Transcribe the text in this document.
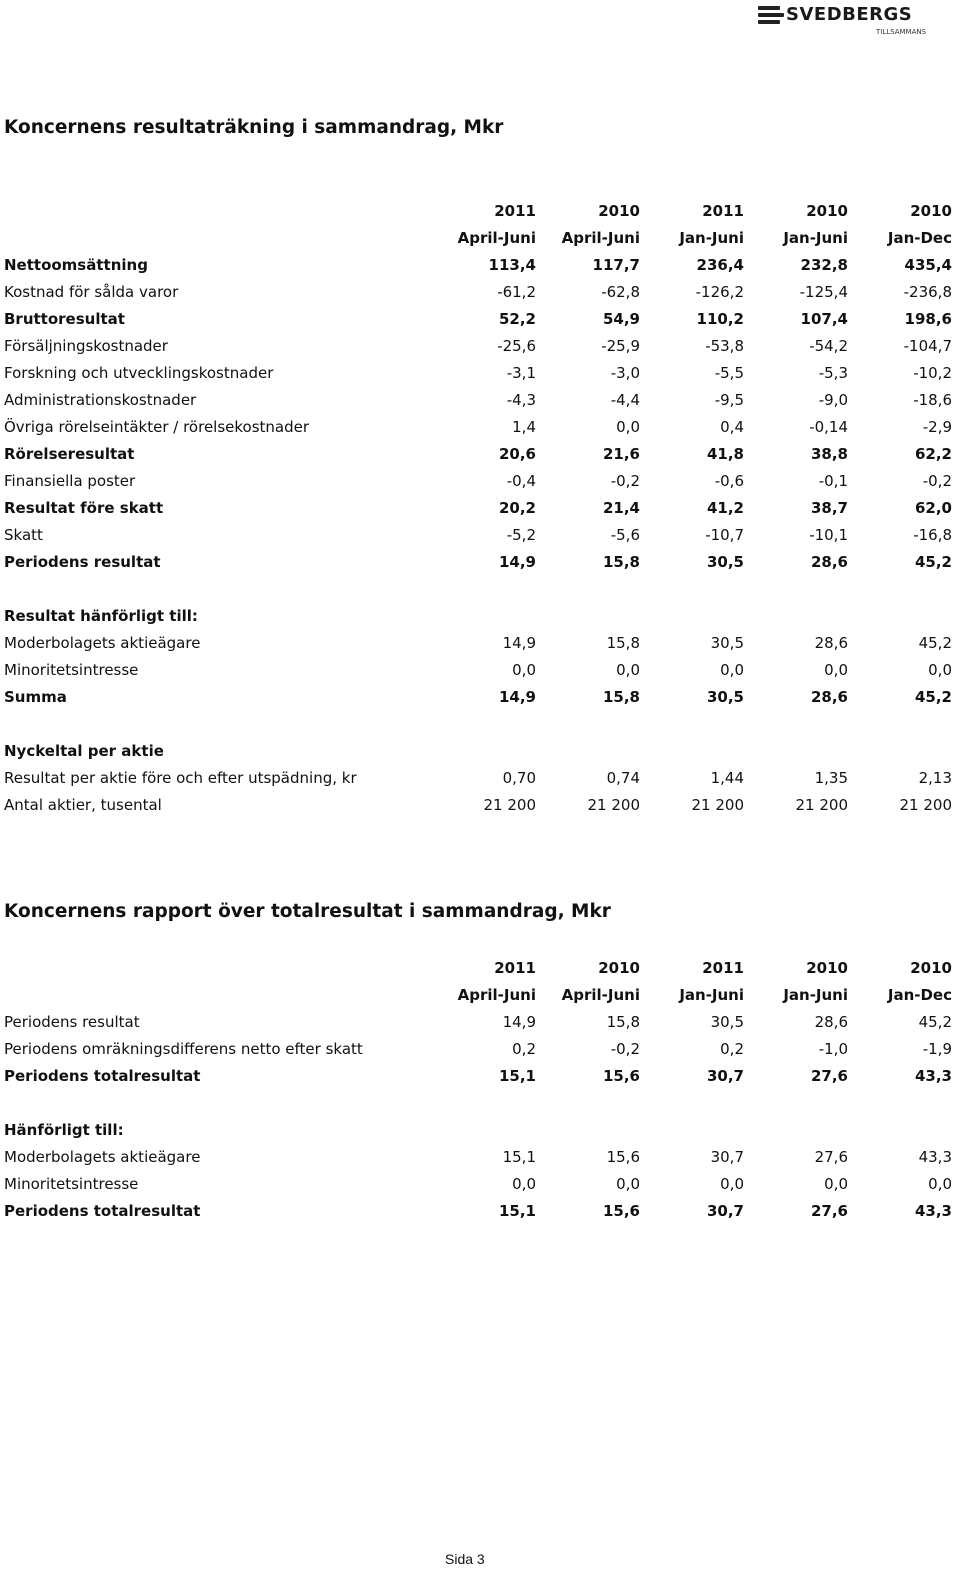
SVEDBERGS
TILLSAMMANS
Koncernens resultaträkning i sammandrag, Mkr
	2011	2010	2011	2010	2010
	April-Juni	April-Juni	Jan-Juni	Jan-Juni	Jan-Dec
Nettoomsättning	113,4	117,7	236,4	232,8	435,4
Kostnad för sålda varor	-61,2	-62,8	-126,2	-125,4	-236,8
Bruttoresultat	52,2	54,9	110,2	107,4	198,6
Försäljningskostnader	-25,6	-25,9	-53,8	-54,2	-104,7
Forskning och utvecklingskostnader	-3,1	-3,0	-5,5	-5,3	-10,2
Administrationskostnader	-4,3	-4,4	-9,5	-9,0	-18,6
Övriga rörelseintäkter / rörelsekostnader	1,4	0,0	0,4	-0,14	-2,9
Rörelseresultat	20,6	21,6	41,8	38,8	62,2
Finansiella poster	-0,4	-0,2	-0,6	-0,1	-0,2
Resultat före skatt	20,2	21,4	41,2	38,7	62,0
Skatt	-5,2	-5,6	-10,7	-10,1	-16,8
Periodens resultat	14,9	15,8	30,5	28,6	45,2

Resultat hänförligt till:					
Moderbolagets aktieägare	14,9	15,8	30,5	28,6	45,2
Minoritetsintresse	0,0	0,0	0,0	0,0	0,0
Summa	14,9	15,8	30,5	28,6	45,2

Nyckeltal per aktie					
Resultat per aktie före och efter utspädning, kr	0,70	0,74	1,44	1,35	2,13
Antal aktier, tusental	21 200	21 200	21 200	21 200	21 200
Koncernens rapport över totalresultat i sammandrag, Mkr
	2011	2010	2011	2010	2010
	April-Juni	April-Juni	Jan-Juni	Jan-Juni	Jan-Dec
Periodens resultat	14,9	15,8	30,5	28,6	45,2
Periodens omräkningsdifferens netto efter skatt	0,2	-0,2	0,2	-1,0	-1,9
Periodens totalresultat	15,1	15,6	30,7	27,6	43,3

Hänförligt till:					
Moderbolagets aktieägare	15,1	15,6	30,7	27,6	43,3
Minoritetsintresse	0,0	0,0	0,0	0,0	0,0
Periodens totalresultat	15,1	15,6	30,7	27,6	43,3
Sida 3
